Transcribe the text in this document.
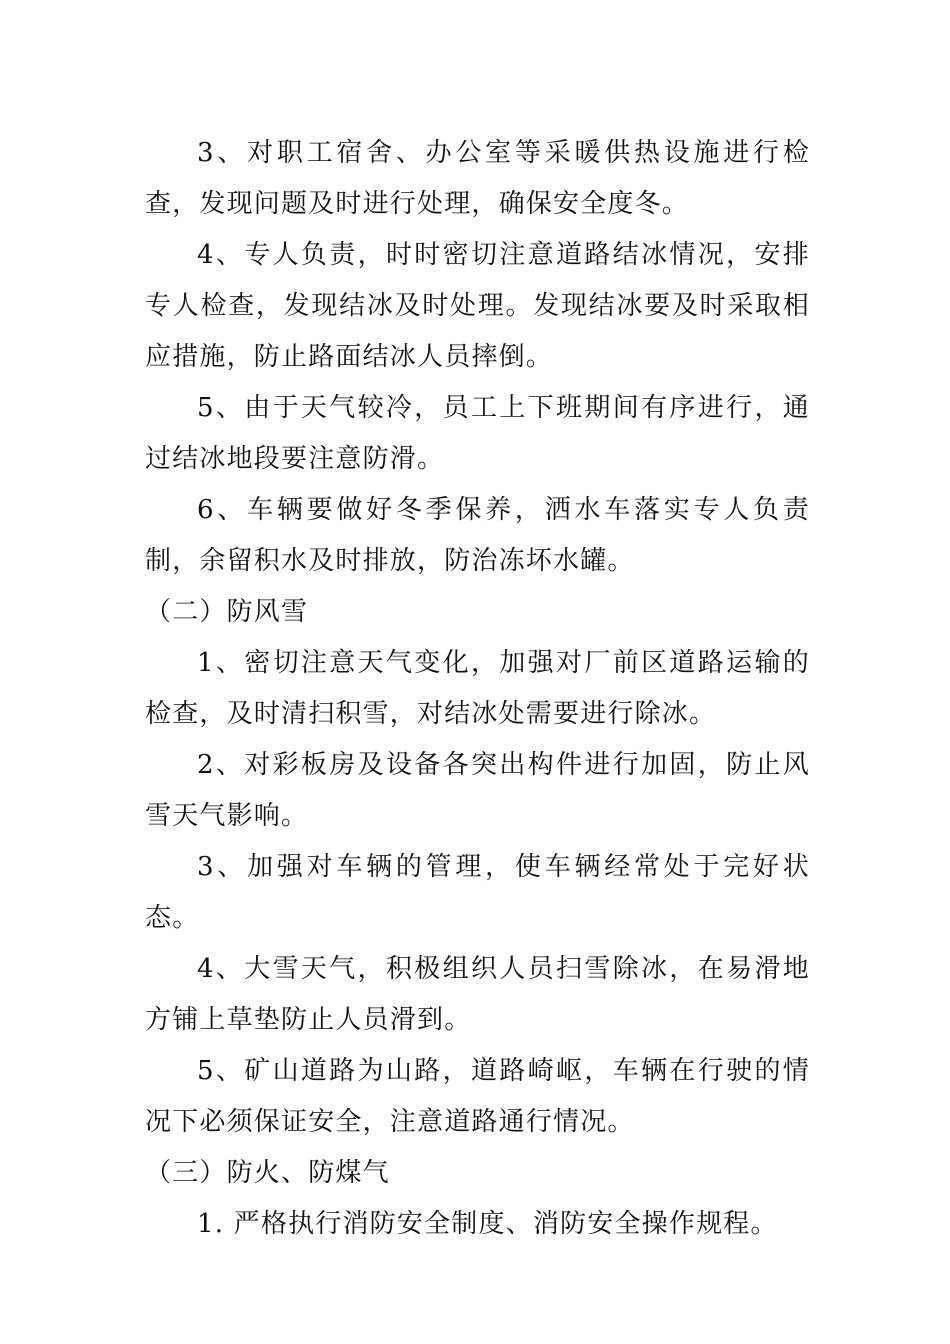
3、对职工宿舍、办公室等采暖供热设施进行检查，发现问题及时进行处理，确保安全度冬。

4、专人负责，时时密切注意道路结冰情况，安排专人检查，发现结冰及时处理。发现结冰要及时采取相应措施，防止路面结冰人员摔倒。

5、由于天气较冷，员工上下班期间有序进行，通过结冰地段要注意防滑。

6、车辆要做好冬季保养，洒水车落实专人负责制，余留积水及时排放，防治冻坏水罐。

（二）防风雪

1、密切注意天气变化，加强对厂前区道路运输的检查，及时清扫积雪，对结冰处需要进行除冰。

2、对彩板房及设备各突出构件进行加固，防止风雪天气影响。

3、加强对车辆的管理，使车辆经常处于完好状态。

4、大雪天气，积极组织人员扫雪除冰，在易滑地方铺上草垫防止人员滑到。

5、矿山道路为山路，道路崎岖，车辆在行驶的情况下必须保证安全，注意道路通行情况。

（三）防火、防煤气

1. 严格执行消防安全制度、消防安全操作规程。
